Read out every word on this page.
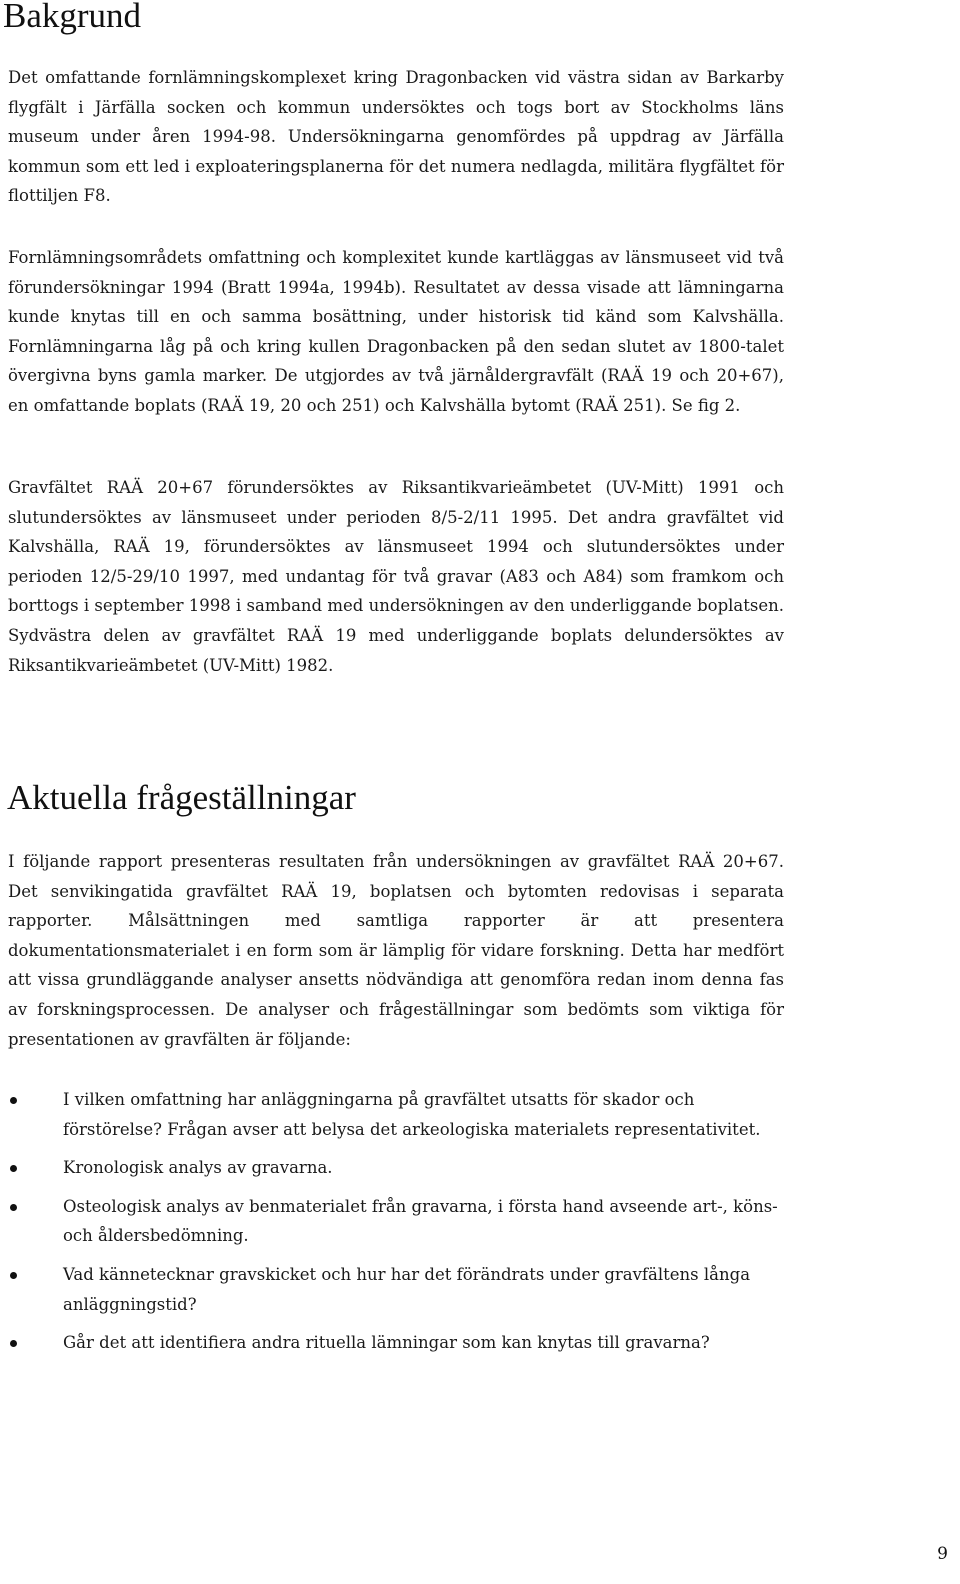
Bakgrund

Det omfattande fornlämningskomplexet kring Dragonbacken vid västra sidan av Barkarby flygfält i Järfälla socken och kommun undersöktes och togs bort av Stockholms läns museum under åren 1994-98. Undersökningarna genomfördes på uppdrag av Järfälla kommun som ett led i exploateringsplanerna för det numera nedlagda, militära flygfältet för flottiljen F8.

Fornlämningsområdets omfattning och komplexitet kunde kartläggas av länsmuseet vid två förundersökningar 1994 (Bratt 1994a, 1994b). Resultatet av dessa visade att lämningarna kunde knytas till en och samma bosättning, under historisk tid känd som Kalvshälla. Fornlämningarna låg på och kring kullen Dragonbacken på den sedan slutet av 1800-talet övergivna byns gamla marker. De utgjordes av två järnåldergravfält (RAÄ 19 och 20+67), en omfattande boplats (RAÄ 19, 20 och 251) och Kalvshälla bytomt (RAÄ 251). Se fig 2.

Gravfältet RAÄ 20+67 förundersöktes av Riksantikvarieämbetet (UV-Mitt) 1991 och slutundersöktes av länsmuseet under perioden 8/5-2/11 1995. Det andra gravfältet vid Kalvshälla, RAÄ 19, förundersöktes av länsmuseet 1994 och slutundersöktes under perioden 12/5-29/10 1997, med undantag för två gravar (A83 och A84) som framkom och borttogs i september 1998 i samband med undersökningen av den underliggande boplatsen. Sydvästra delen av gravfältet RAÄ 19 med underliggande boplats delundersöktes av Riksantikvarieämbetet (UV-Mitt) 1982.

Aktuella frågeställningar

I följande rapport presenteras resultaten från undersökningen av gravfältet RAÄ 20+67. Det senvikingatida gravfältet RAÄ 19, boplatsen och bytomten redovisas i separata rapporter. Målsättningen med samtliga rapporter är att presentera dokumentationsmaterialet i en form som är lämplig för vidare forskning. Detta har medfört att vissa grundläggande analyser ansetts nödvändiga att genomföra redan inom denna fas av forskningsprocessen. De analyser och frågeställningar som bedömts som viktiga för presentationen av gravfälten är följande:

I vilken omfattning har anläggningarna på gravfältet utsatts för skador och förstörelse? Frågan avser att belysa det arkeologiska materialets representativitet.
Kronologisk analys av gravarna.
Osteologisk analys av benmaterialet från gravarna, i första hand avseende art-, köns- och åldersbedömning.
Vad kännetecknar gravskicket och hur har det förändrats under gravfältens långa anläggningstid?
Går det att identifiera andra rituella lämningar som kan knytas till gravarna?
9
